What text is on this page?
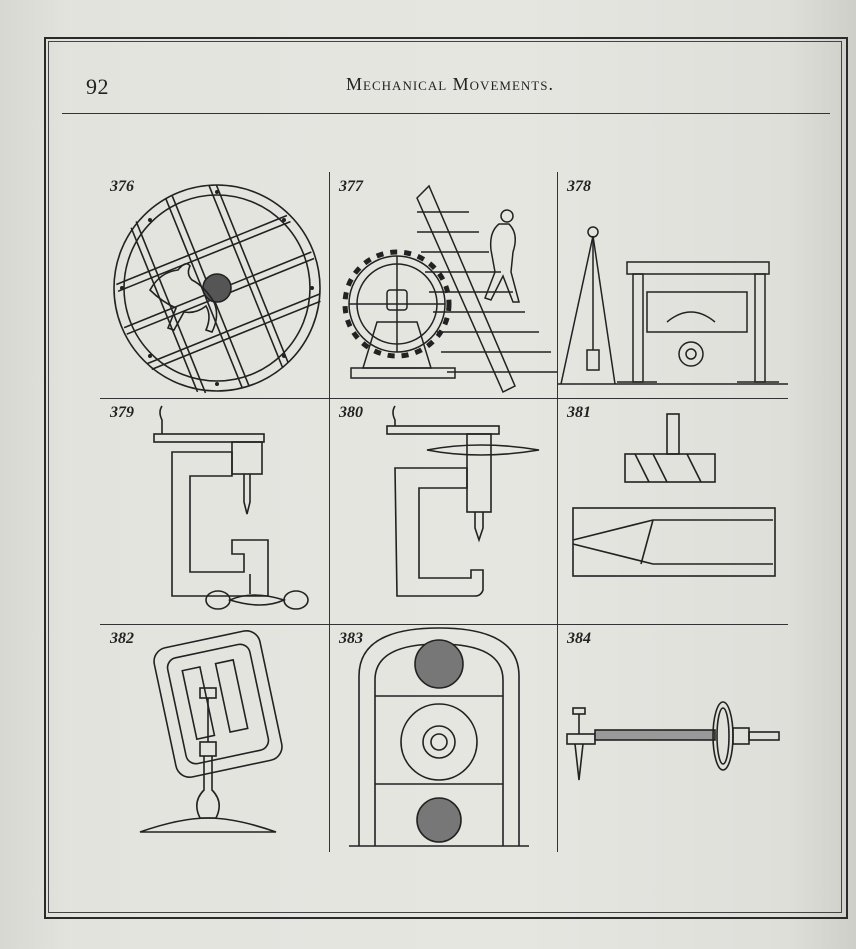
92	Mechanical Movements.
376	377	378
379	380	381
382	383	384
